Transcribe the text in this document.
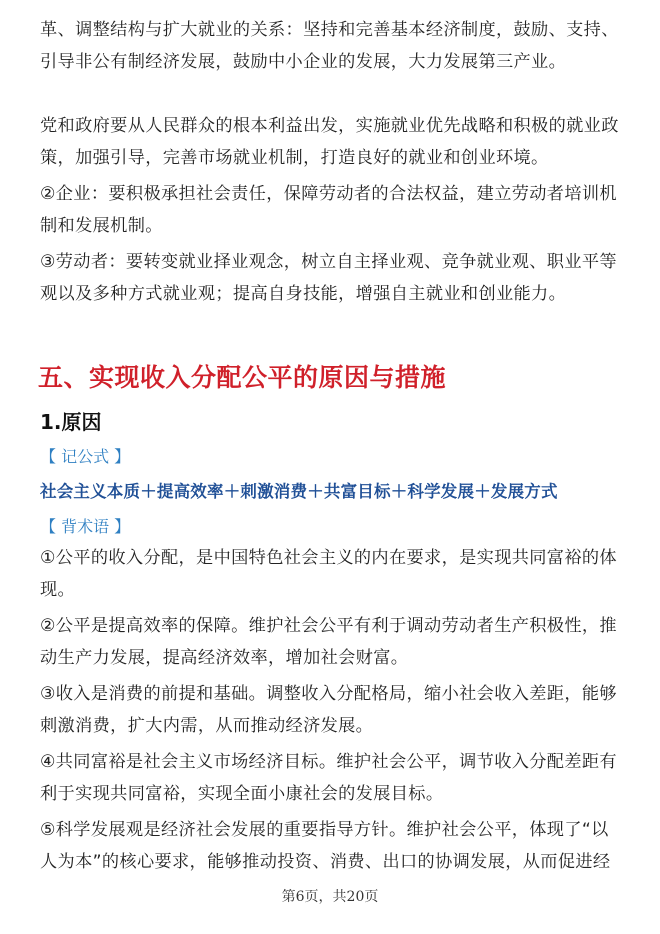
革、调整结构与扩大就业的关系：坚持和完善基本经济制度，鼓励、支持、引导非公有制经济发展，鼓励中小企业的发展，大力发展第三产业。

党和政府要从人民群众的根本利益出发，实施就业优先战略和积极的就业政策，加强引导，完善市场就业机制，打造良好的就业和创业环境。

②企业：要积极承担社会责任，保障劳动者的合法权益，建立劳动者培训机制和发展机制。

③劳动者：要转变就业择业观念，树立自主择业观、竞争就业观、职业平等观以及多种方式就业观；提高自身技能，增强自主就业和创业能力。

五、实现收入分配公平的原因与措施
1.原因
【 记公式 】
社会主义本质＋提高效率＋刺激消费＋共富目标＋科学发展＋发展方式
【 背术语 】

①公平的收入分配，是中国特色社会主义的内在要求，是实现共同富裕的体现。

②公平是提高效率的保障。维护社会公平有利于调动劳动者生产积极性，推动生产力发展，提高经济效率，增加社会财富。

③收入是消费的前提和基础。调整收入分配格局，缩小社会收入差距，能够刺激消费，扩大内需，从而推动经济发展。

④共同富裕是社会主义市场经济目标。维护社会公平，调节收入分配差距有利于实现共同富裕，实现全面小康社会的发展目标。

⑤科学发展观是经济社会发展的重要指导方针。维护社会公平，体现了“以人为本”的核心要求，能够推动投资、消费、出口的协调发展，从而促进经

第6页，共20页
